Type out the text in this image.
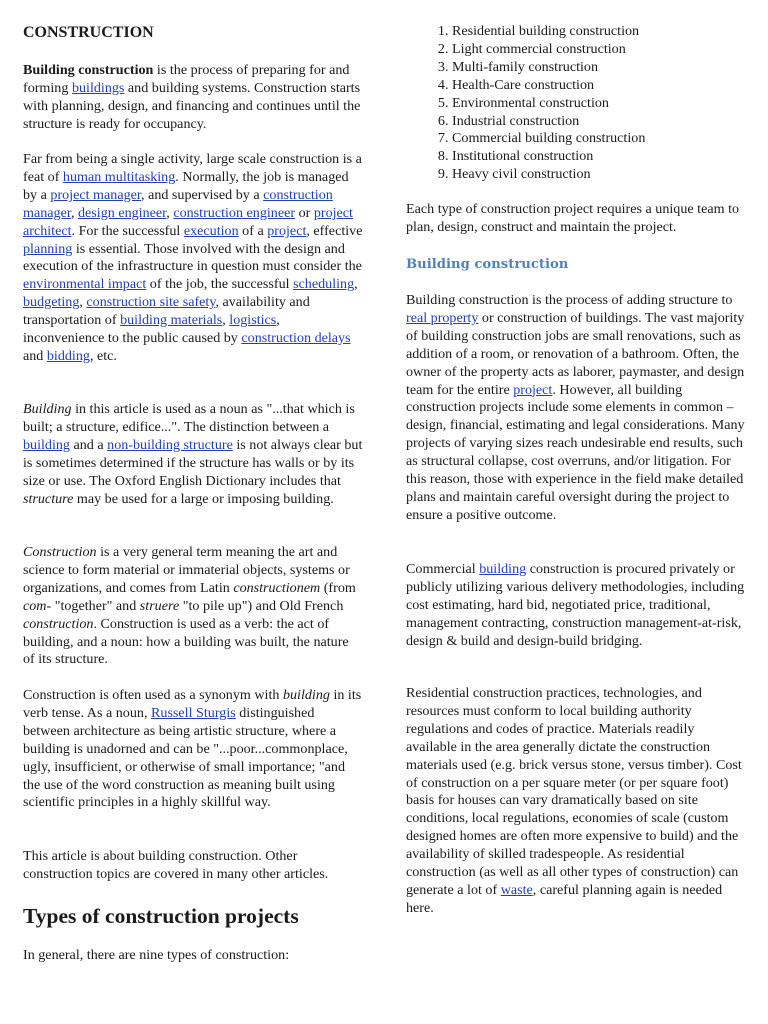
CONSTRUCTION

Building construction is the process of preparing for and forming buildings and building systems. Construction starts with planning, design, and financing and continues until the structure is ready for occupancy.

Far from being a single activity, large scale construction is a feat of human multitasking. Normally, the job is managed by a project manager, and supervised by a construction manager, design engineer, construction engineer or project architect. For the successful execution of a project, effective planning is essential. Those involved with the design and execution of the infrastructure in question must consider the environmental impact of the job, the successful scheduling, budgeting, construction site safety, availability and transportation of building materials, logistics, inconvenience to the public caused by construction delays and bidding, etc.

Building in this article is used as a noun as "...that which is built; a structure, edifice...". The distinction between a building and a non-building structure is not always clear but is sometimes determined if the structure has walls or by its size or use. The Oxford English Dictionary includes that structure may be used for a large or imposing building.

Construction is a very general term meaning the art and science to form material or immaterial objects, systems or organizations, and comes from Latin constructionem (from com- "together" and struere "to pile up") and Old French construction. Construction is used as a verb: the act of building, and a noun: how a building was built, the nature of its structure.

Construction is often used as a synonym with building in its verb tense. As a noun, Russell Sturgis distinguished between architecture as being artistic structure, where a building is unadorned and can be "...poor...commonplace, ugly, insufficient, or otherwise of small importance; "and the use of the word construction as meaning built using scientific principles in a highly skillful way.

This article is about building construction. Other construction topics are covered in many other articles.

Types of construction projects

In general, there are nine types of construction:

1. Residential building construction
2. Light commercial construction
3. Multi-family construction
4. Health-Care construction
5. Environmental construction
6. Industrial construction
7. Commercial building construction
8. Institutional construction
9. Heavy civil construction

Each type of construction project requires a unique team to plan, design, construct and maintain the project.

Building construction

Building construction is the process of adding structure to real property or construction of buildings. The vast majority of building construction jobs are small renovations, such as addition of a room, or renovation of a bathroom. Often, the owner of the property acts as laborer, paymaster, and design team for the entire project. However, all building construction projects include some elements in common – design, financial, estimating and legal considerations. Many projects of varying sizes reach undesirable end results, such as structural collapse, cost overruns, and/or litigation. For this reason, those with experience in the field make detailed plans and maintain careful oversight during the project to ensure a positive outcome.

Commercial building construction is procured privately or publicly utilizing various delivery methodologies, including cost estimating, hard bid, negotiated price, traditional, management contracting, construction management-at-risk, design & build and design-build bridging.

Residential construction practices, technologies, and resources must conform to local building authority regulations and codes of practice. Materials readily available in the area generally dictate the construction materials used (e.g. brick versus stone, versus timber). Cost of construction on a per square meter (or per square foot) basis for houses can vary dramatically based on site conditions, local regulations, economies of scale (custom designed homes are often more expensive to build) and the availability of skilled tradespeople. As residential construction (as well as all other types of construction) can generate a lot of waste, careful planning again is needed here.
